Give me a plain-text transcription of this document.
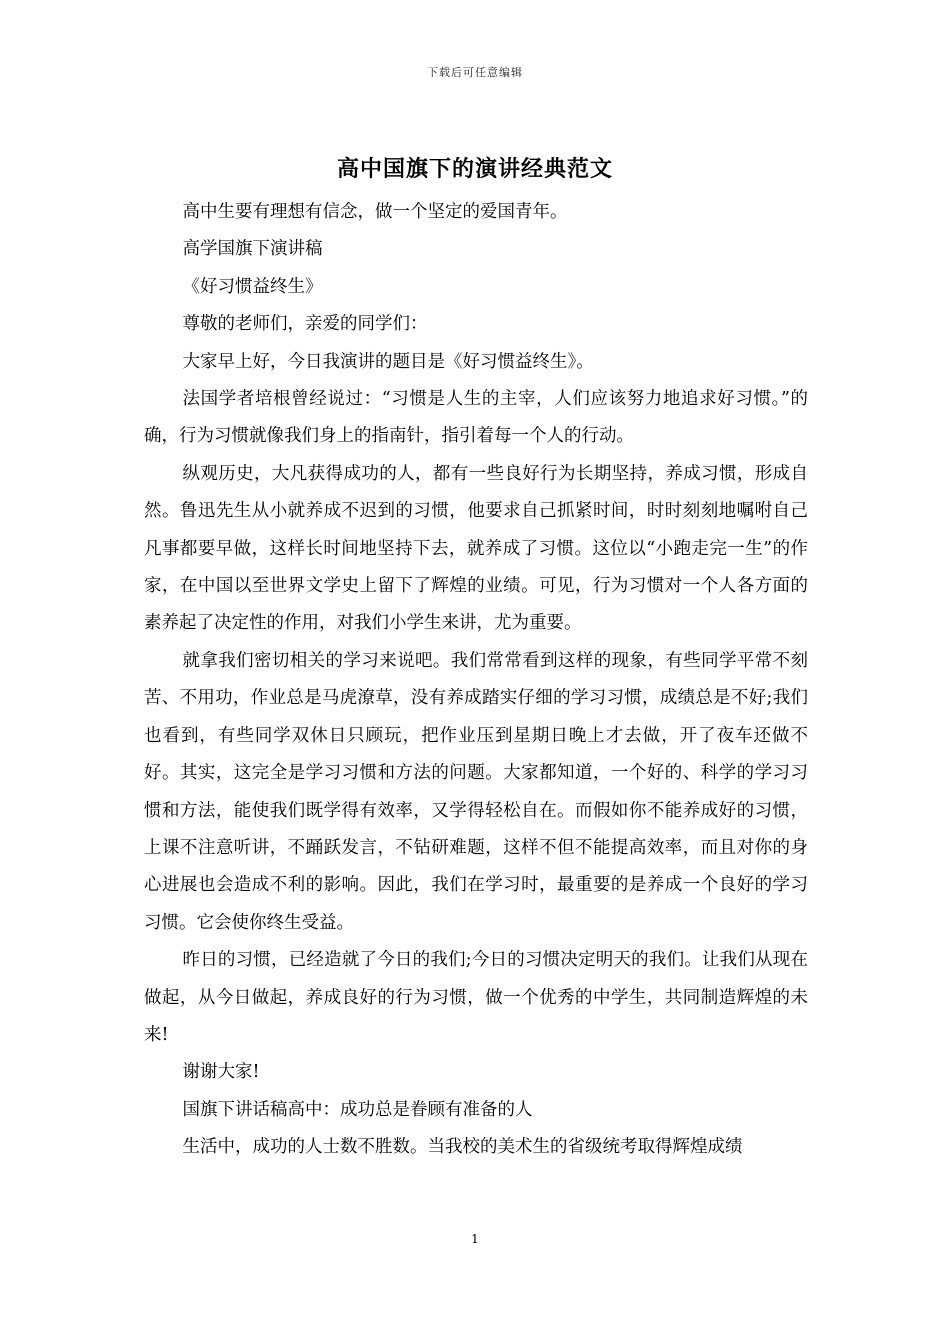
下载后可任意编辑
高中国旗下的演讲经典范文

高中生要有理想有信念，做一个坚定的爱国青年。

高学国旗下演讲稿

《好习惯益终生》

尊敬的老师们，亲爱的同学们：

大家早上好，今日我演讲的题目是《好习惯益终生》。

法国学者培根曾经说过：“习惯是人生的主宰，人们应该努力地追求好习惯。”的确，行为习惯就像我们身上的指南针，指引着每一个人的行动。

纵观历史，大凡获得成功的人，都有一些良好行为长期坚持，养成习惯，形成自然。鲁迅先生从小就养成不迟到的习惯，他要求自己抓紧时间，时时刻刻地嘱咐自己凡事都要早做，这样长时间地坚持下去，就养成了习惯。这位以“小跑走完一生”的作家，在中国以至世界文学史上留下了辉煌的业绩。可见，行为习惯对一个人各方面的素养起了决定性的作用，对我们小学生来讲，尤为重要。

就拿我们密切相关的学习来说吧。我们常常看到这样的现象，有些同学平常不刻苦、不用功，作业总是马虎潦草，没有养成踏实仔细的学习习惯，成绩总是不好;我们也看到，有些同学双休日只顾玩，把作业压到星期日晚上才去做，开了夜车还做不好。其实，这完全是学习习惯和方法的问题。大家都知道，一个好的、科学的学习习惯和方法，能使我们既学得有效率，又学得轻松自在。而假如你不能养成好的习惯，上课不注意听讲，不踊跃发言，不钻研难题，这样不但不能提高效率，而且对你的身心进展也会造成不利的影响。因此，我们在学习时，最重要的是养成一个良好的学习习惯。它会使你终生受益。

昨日的习惯，已经造就了今日的我们;今日的习惯决定明天的我们。让我们从现在做起，从今日做起，养成良好的行为习惯，做一个优秀的中学生，共同制造辉煌的未来!

谢谢大家!

国旗下讲话稿高中：成功总是眷顾有准备的人

生活中，成功的人士数不胜数。当我校的美术生的省级统考取得辉煌成绩

1
